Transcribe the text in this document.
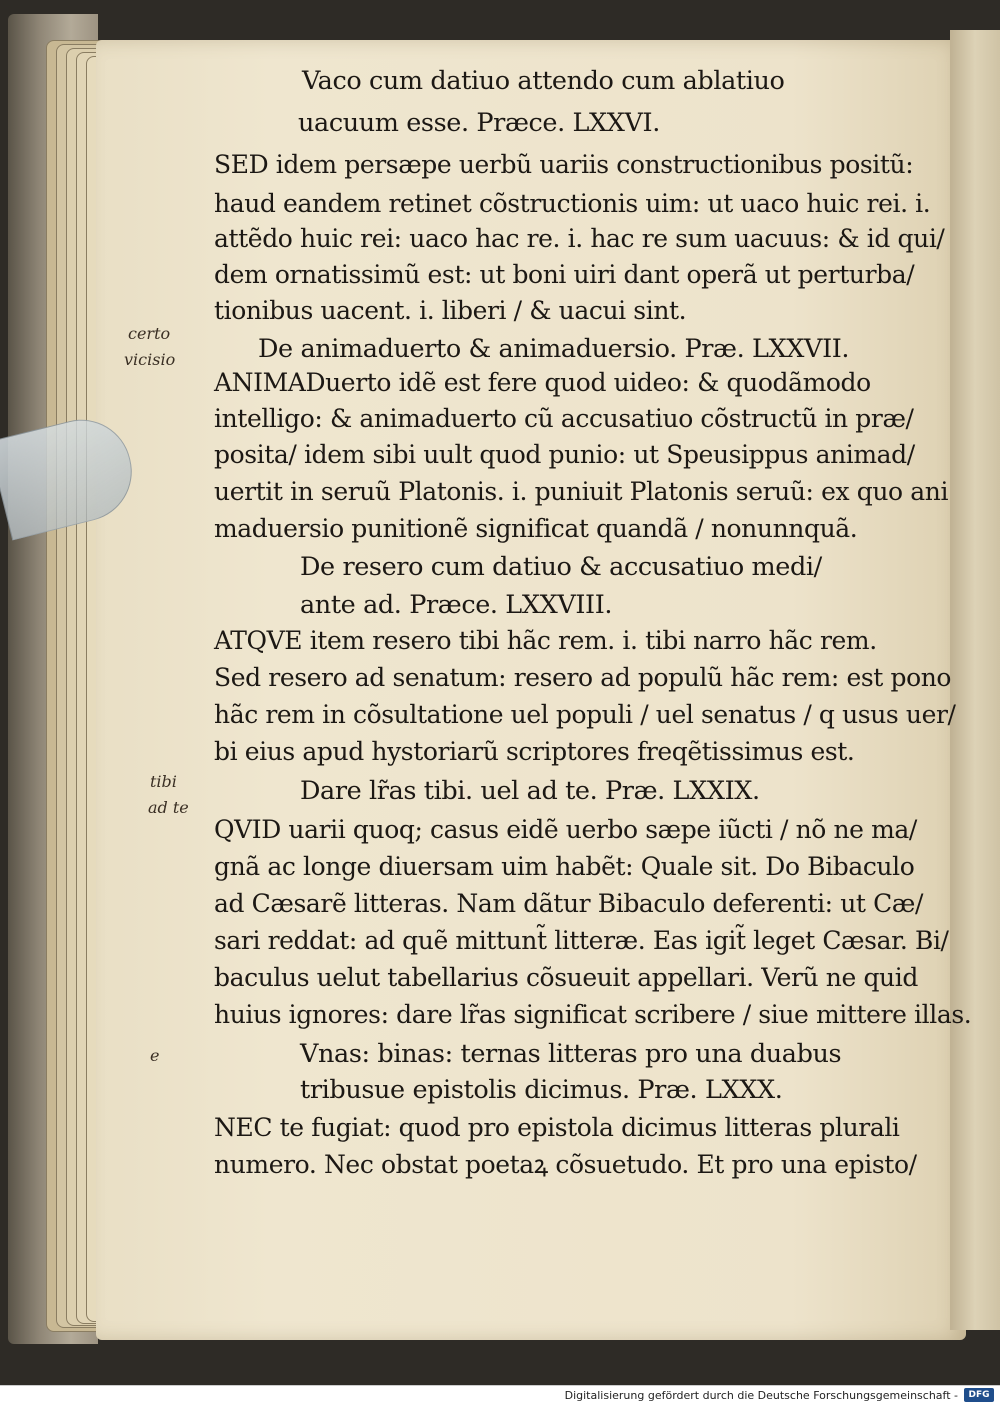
Vaco cum datiuo attendo cum ablatiuo
uacuum esse. Præce. LXXVI.
SED idem persæpe uerbũ uariis constructionibus positũ:
haud eandem retinet cõstructionis uim: ut uaco huic rei. i.
attẽdo huic rei: uaco hac re. i. hac re sum uacuus: & id qui/
dem ornatissimũ est: ut boni uiri dant operã ut perturba/
tionibus uacent. i. liberi / & uacui sint.
De animaduerto & animaduersio. Præ. LXXVII.
ANIMADuerto idẽ est fere quod uideo: & quodãmodo
intelligo: & animaduerto cũ accusatiuo cõstructũ in præ/
posita/ idem sibi uult quod punio: ut Speusippus animad/
uertit in seruũ Platonis. i. puniuit Platonis seruũ: ex quo ani
maduersio punitionẽ significat quandã / nonunnquã.
De resero cum datiuo & accusatiuo medi/
ante ad. Præce. LXXVIII.
ATQVE item resero tibi hãc rem. i. tibi narro hãc rem.
Sed resero ad senatum: resero ad populũ hãc rem: est pono
hãc rem in cõsultatione uel populi / uel senatus / q usus uer/
bi eius apud hystoriarũ scriptores freqẽtissimus est.
Dare lr̃as tibi. uel ad te. Præ. LXXIX.
QVID uarii quoq; casus eidẽ uerbo sæpe iũcti / nõ ne ma/
gnã ac longe diuersam uim habẽt: Quale sit. Do Bibaculo
ad Cæsarẽ litteras. Nam dãtur Bibaculo deferenti: ut Cæ/
sari reddat: ad quẽ mittunt̃ litteræ. Eas igit̃ leget Cæsar. Bi/
baculus uelut tabellarius cõsueuit appellari. Verũ ne quid
huius ignores: dare lr̃as significat scribere / siue mittere illas.
Vnas: binas: ternas litteras pro una duabus
tribusue epistolis dicimus. Præ. LXXX.
NEC te fugiat: quod pro epistola dicimus litteras plurali
numero. Nec obstat poetaꝝ cõsuetudo. Et pro una episto/
certo
vicisio
tibi
ad te
e
Digitalisierung gefördert durch die Deutsche Forschungsgemeinschaft -	DFG
